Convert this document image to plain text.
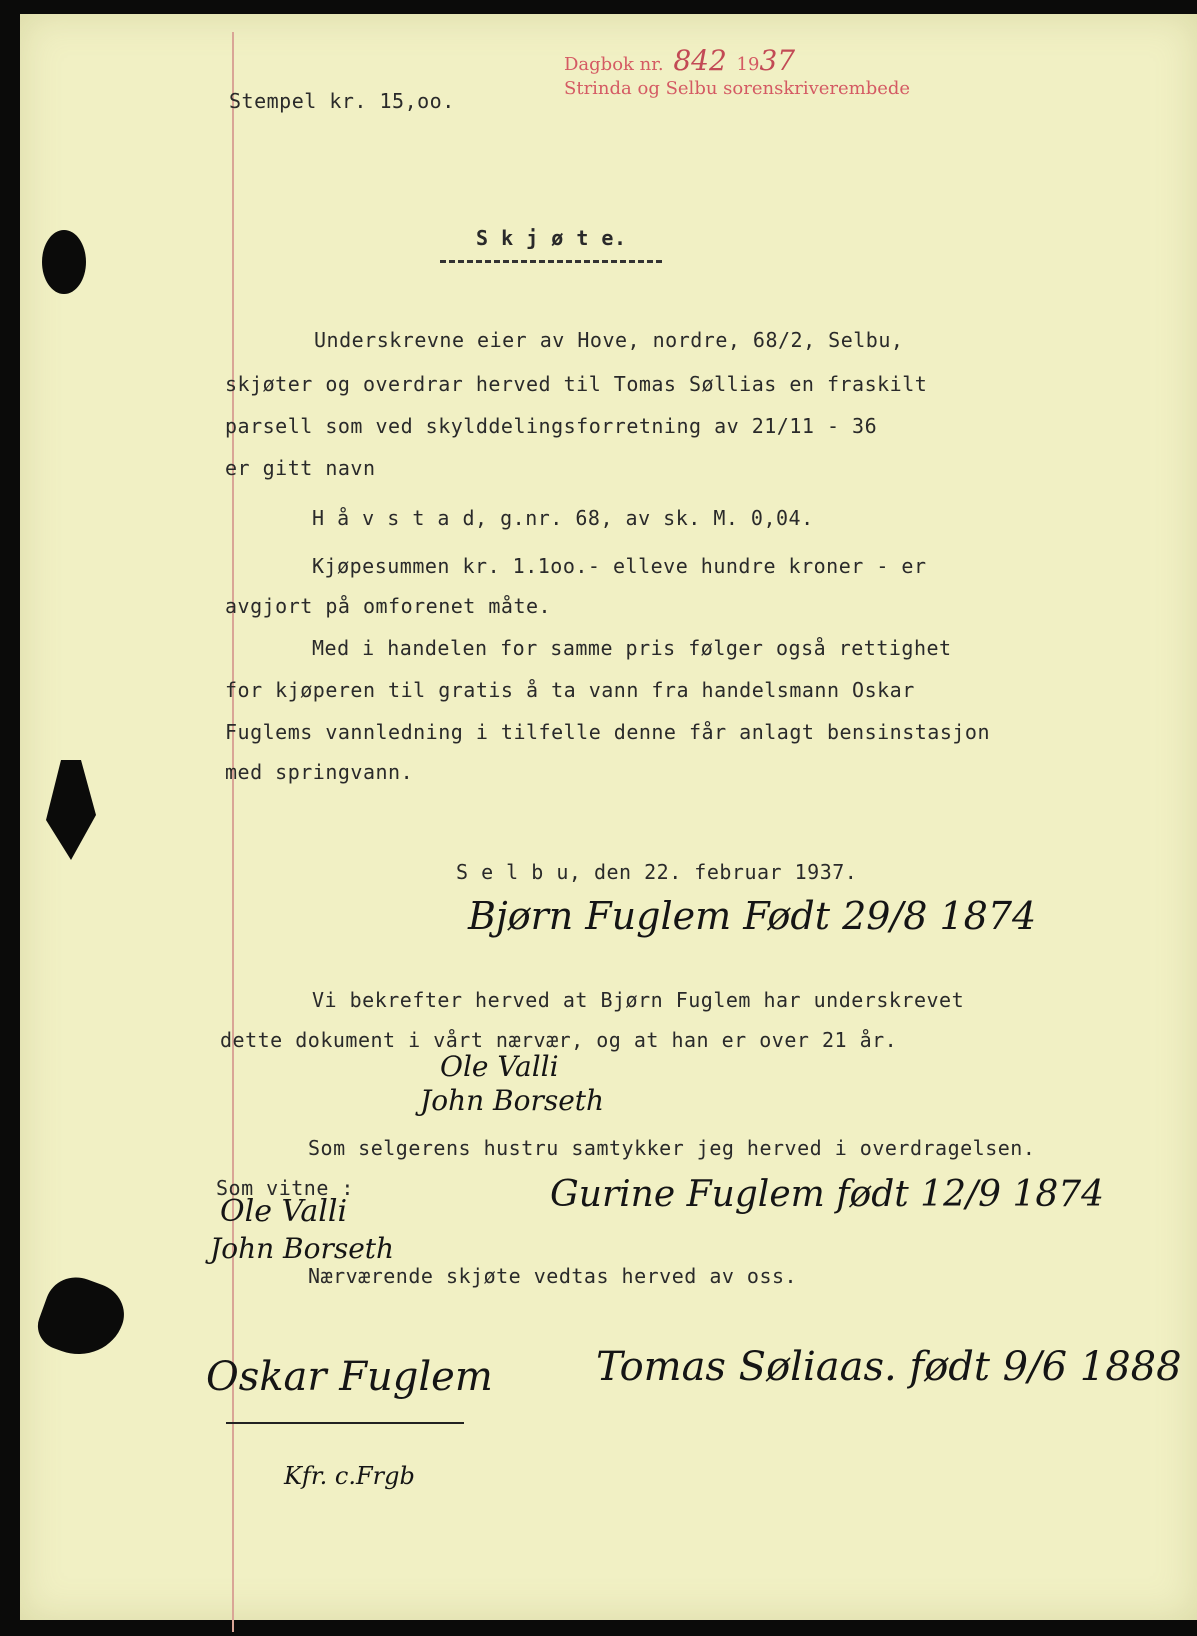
Dagbok nr. 842 1937
Strinda og Selbu sorenskriverembede
Stempel kr. 15,oo.
S k j ø t e.
Underskrevne eier av Hove, nordre, 68/2, Selbu,
skjøter og overdrar herved til Tomas Søllias en fraskilt
parsell som ved skylddelingsforretning av 21/11 - 36
er gitt navn
H å v s t a d, g.nr. 68, av sk. M. 0,04.
Kjøpesummen kr. 1.1oo.- elleve hundre kroner - er
avgjort på omforenet måte.
Med i handelen for samme pris følger også rettighet
for kjøperen til gratis å ta vann fra handelsmann Oskar
Fuglems vannledning i tilfelle denne får anlagt bensinstasjon
med springvann.
S e l b u, den 22. februar 1937.
Bjørn Fuglem Født 29/8 1874
Vi bekrefter herved at Bjørn Fuglem har underskrevet
dette dokument i vårt nærvær, og at han er over 21 år.
Ole Valli
John Borseth
Som selgerens hustru samtykker jeg herved i overdragelsen.
Som vitne :
Ole Valli
John Borseth
Gurine Fuglem født 12/9 1874
Nærværende skjøte vedtas herved av oss.
Oskar Fuglem	Tomas Søliaas. født 9/6 1888
Kfr. c.Frgb
